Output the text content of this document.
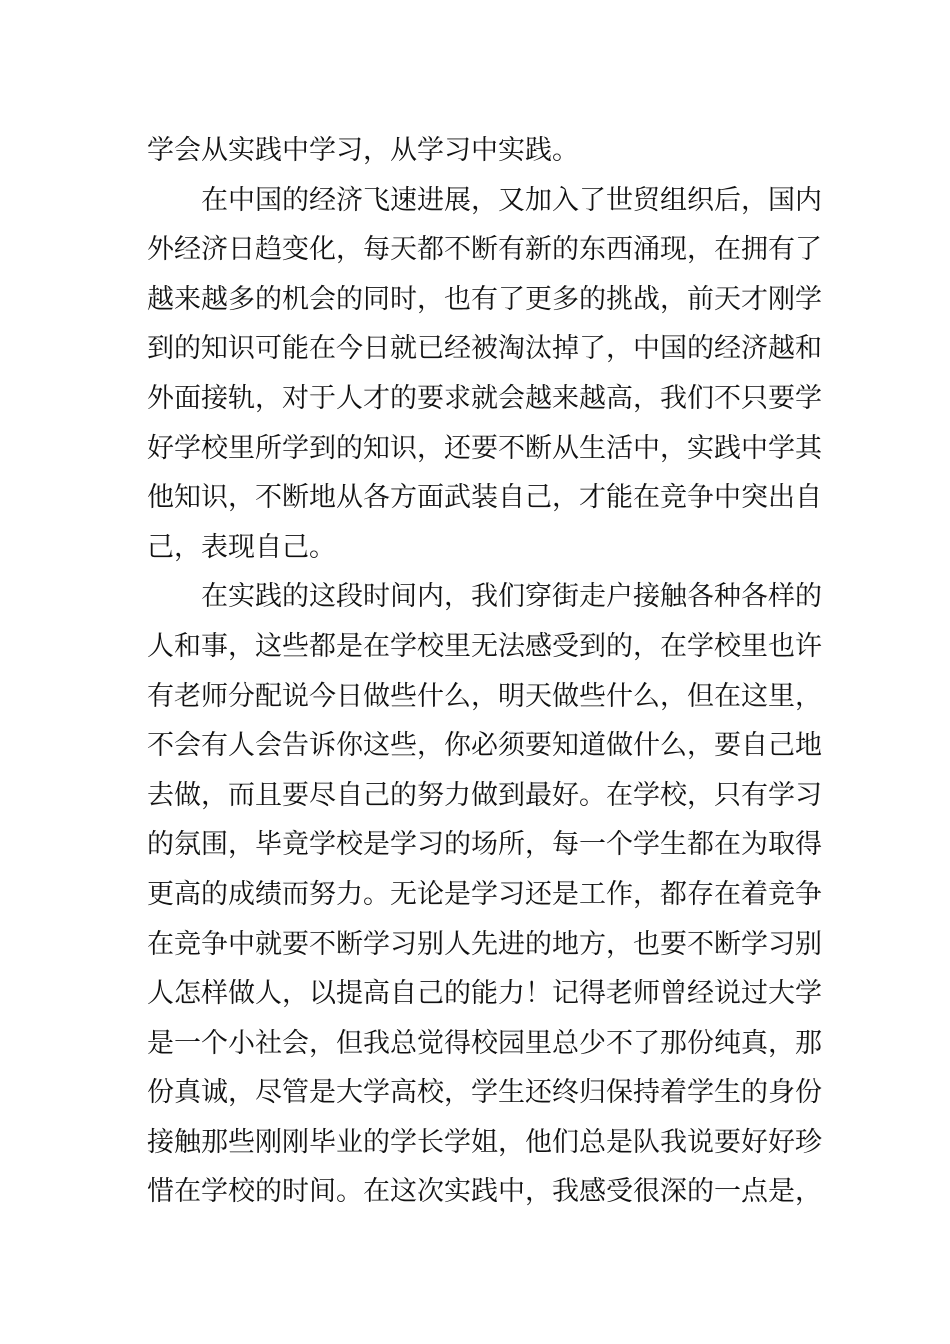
学会从实践中学习，从学习中实践。
在中国的经济飞速进展，又加入了世贸组织后，国内
外经济日趋变化，每天都不断有新的东西涌现，在拥有了
越来越多的机会的同时，也有了更多的挑战，前天才刚学
到的知识可能在今日就已经被淘汰掉了，中国的经济越和
外面接轨，对于人才的要求就会越来越高，我们不只要学
好学校里所学到的知识，还要不断从生活中，实践中学其
他知识，不断地从各方面武装自己，才能在竞争中突出自
己，表现自己。
在实践的这段时间内，我们穿街走户接触各种各样的
人和事，这些都是在学校里无法感受到的，在学校里也许
有老师分配说今日做些什么，明天做些什么，但在这里，
不会有人会告诉你这些，你必须要知道做什么，要自己地
去做，而且要尽自己的努力做到最好。在学校，只有学习
的氛围，毕竟学校是学习的场所，每一个学生都在为取得
更高的成绩而努力。无论是学习还是工作，都存在着竞争
在竞争中就要不断学习别人先进的地方，也要不断学习别
人怎样做人，以提高自己的能力！记得老师曾经说过大学
是一个小社会，但我总觉得校园里总少不了那份纯真，那
份真诚，尽管是大学高校，学生还终归保持着学生的身份
接触那些刚刚毕业的学长学姐，他们总是队我说要好好珍
惜在学校的时间。在这次实践中，我感受很深的一点是，
